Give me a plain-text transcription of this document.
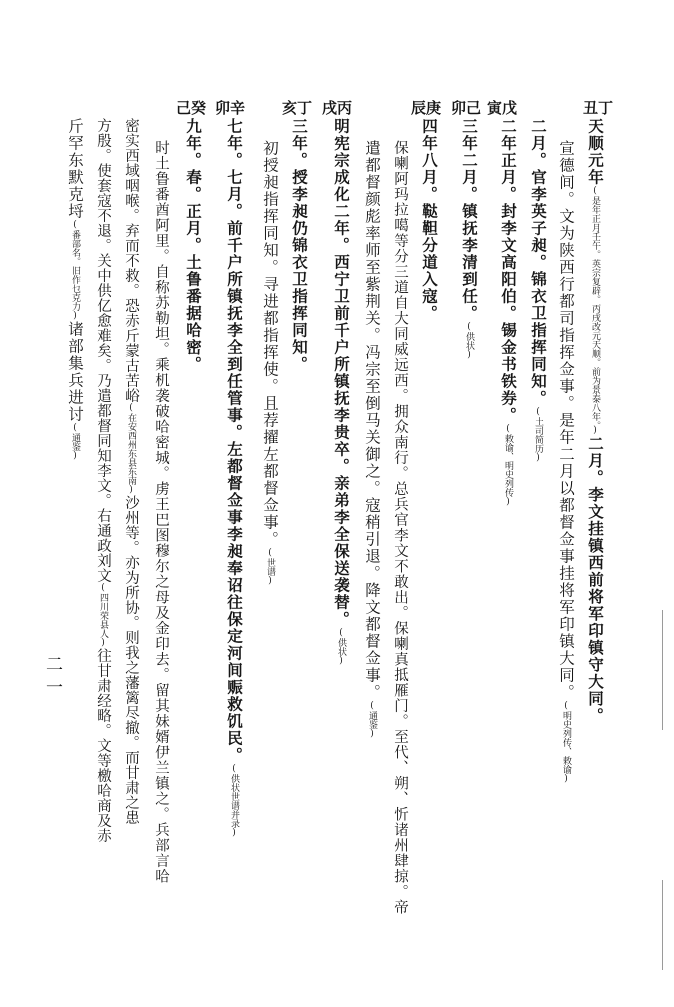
丑丁
寅戊
卯己
辰庚
戌丙
亥丁
卯辛
己癸
天顺元年(是年正月壬午。英宗复辟。丙戌改元天顺。前为景泰八年。)二月。李文挂镇西前将军印镇守大同。
宣德间。文为陕西行都司指挥佥事。是年二月以都督佥事挂将军印镇大同。(明史列传、敕谕)
二月。官李英子昶。锦衣卫指挥同知。(土司简历)
二年正月。封李文高阳伯。锡金书铁券。(敕谕、明史列传)
三年二月。镇抚李清到任。(供状)
四年八月。鞑靼分道入寇。
保喇阿玛拉噶等分三道自大同威远西。拥众南行。总兵官李文不敢出。保喇真抵雁门。至代、朔、忻诸州肆掠。帝
遣都督颜彪率师至紫荆关。冯宗至倒马关御之。寇稍引退。降文都督佥事。(通鉴)
明宪宗成化二年。西宁卫前千户所镇抚李贵卒。亲弟李全保送袭替。(供状)
三年。授李昶仍锦衣卫指挥同知。
初授昶指挥同知。寻进都指挥使。且荐擢左都督佥事。(世谱)
七年。七月。前千户所镇抚李全到任管事。左都督佥事李昶奉诏往保定河间赈救饥民。(供状世谱并录)
九年。春。正月。土鲁番据哈密。
时土鲁番酋阿里。自称苏勒坦。乘机袭破哈密城。虏王巴图穆尔之母及金印去。留其妹婿伊兰镇之。兵部言哈
密实西域咽喉。弃而不救。恐赤斤蒙古苦峪(在安西州东县东南)沙州等。亦为所协。则我之藩篱尽撤。而甘肃之患
方殷。使套寇不退。关中供亿愈难矣。乃遣都督同知李文。右通政刘文(四川荣县人)往甘肃经略。文等檄哈商及赤
斤罕东默克埒(番部名。旧作乜克力)诸部集兵进讨(通鉴)
二一
